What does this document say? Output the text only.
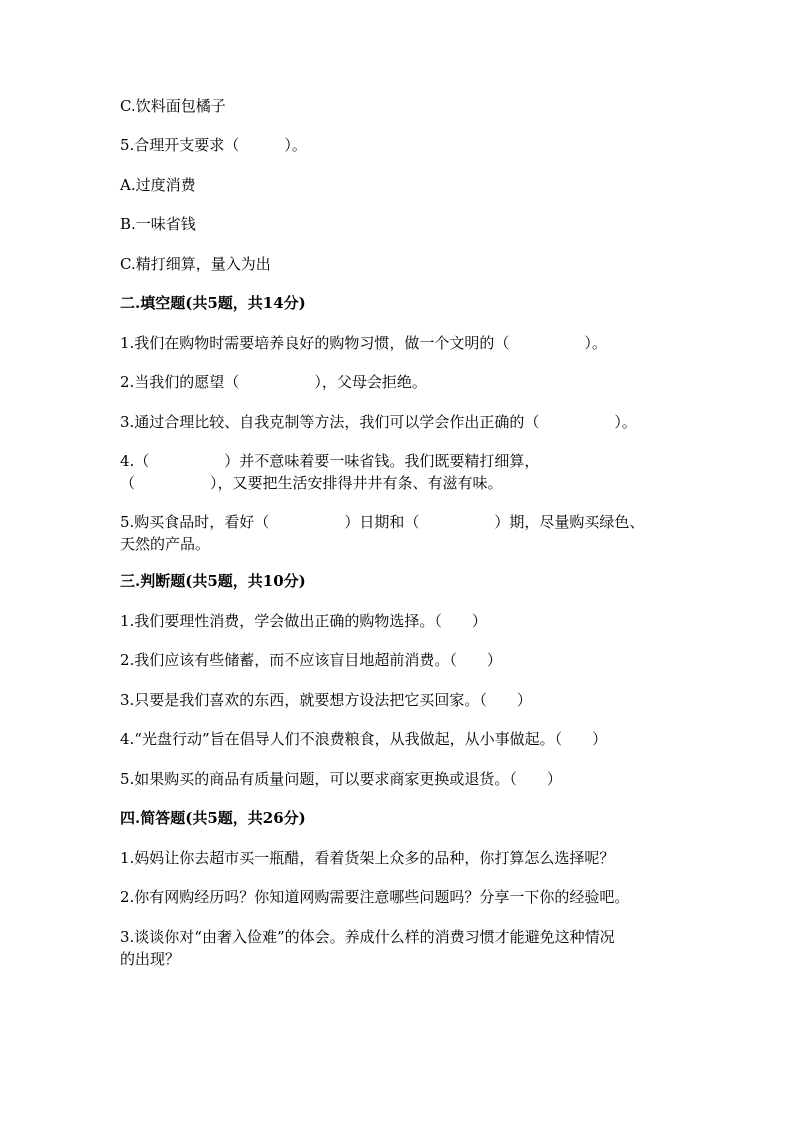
C.饮料面包橘子
5.合理开支要求（　　　）。
A.过度消费
B.一味省钱
C.精打细算，量入为出
二.填空题(共5题，共14分)
1.我们在购物时需要培养良好的购物习惯，做一个文明的（　　　　　）。
2.当我们的愿望（　　　　　），父母会拒绝。
3.通过合理比较、自我克制等方法，我们可以学会作出正确的（　　　　　）。
4.（　　　　　）并不意味着要一味省钱。我们既要精打细算，
（　　　　　），又要把生活安排得井井有条、有滋有味。
5.购买食品时，看好（　　　　　）日期和（　　　　　）期，尽量购买绿色、
天然的产品。
三.判断题(共5题，共10分)
1.我们要理性消费，学会做出正确的购物选择。（　　）
2.我们应该有些储蓄，而不应该盲目地超前消费。（　　）
3.只要是我们喜欢的东西，就要想方设法把它买回家。（　　）
4.“光盘行动”旨在倡导人们不浪费粮食，从我做起，从小事做起。（　　）
5.如果购买的商品有质量问题，可以要求商家更换或退货。（　　）
四.简答题(共5题，共26分)
1.妈妈让你去超市买一瓶醋，看着货架上众多的品种，你打算怎么选择呢？
2.你有网购经历吗？你知道网购需要注意哪些问题吗？分享一下你的经验吧。
3.谈谈你对“由奢入俭难”的体会。养成什么样的消费习惯才能避免这种情况
的出现？
